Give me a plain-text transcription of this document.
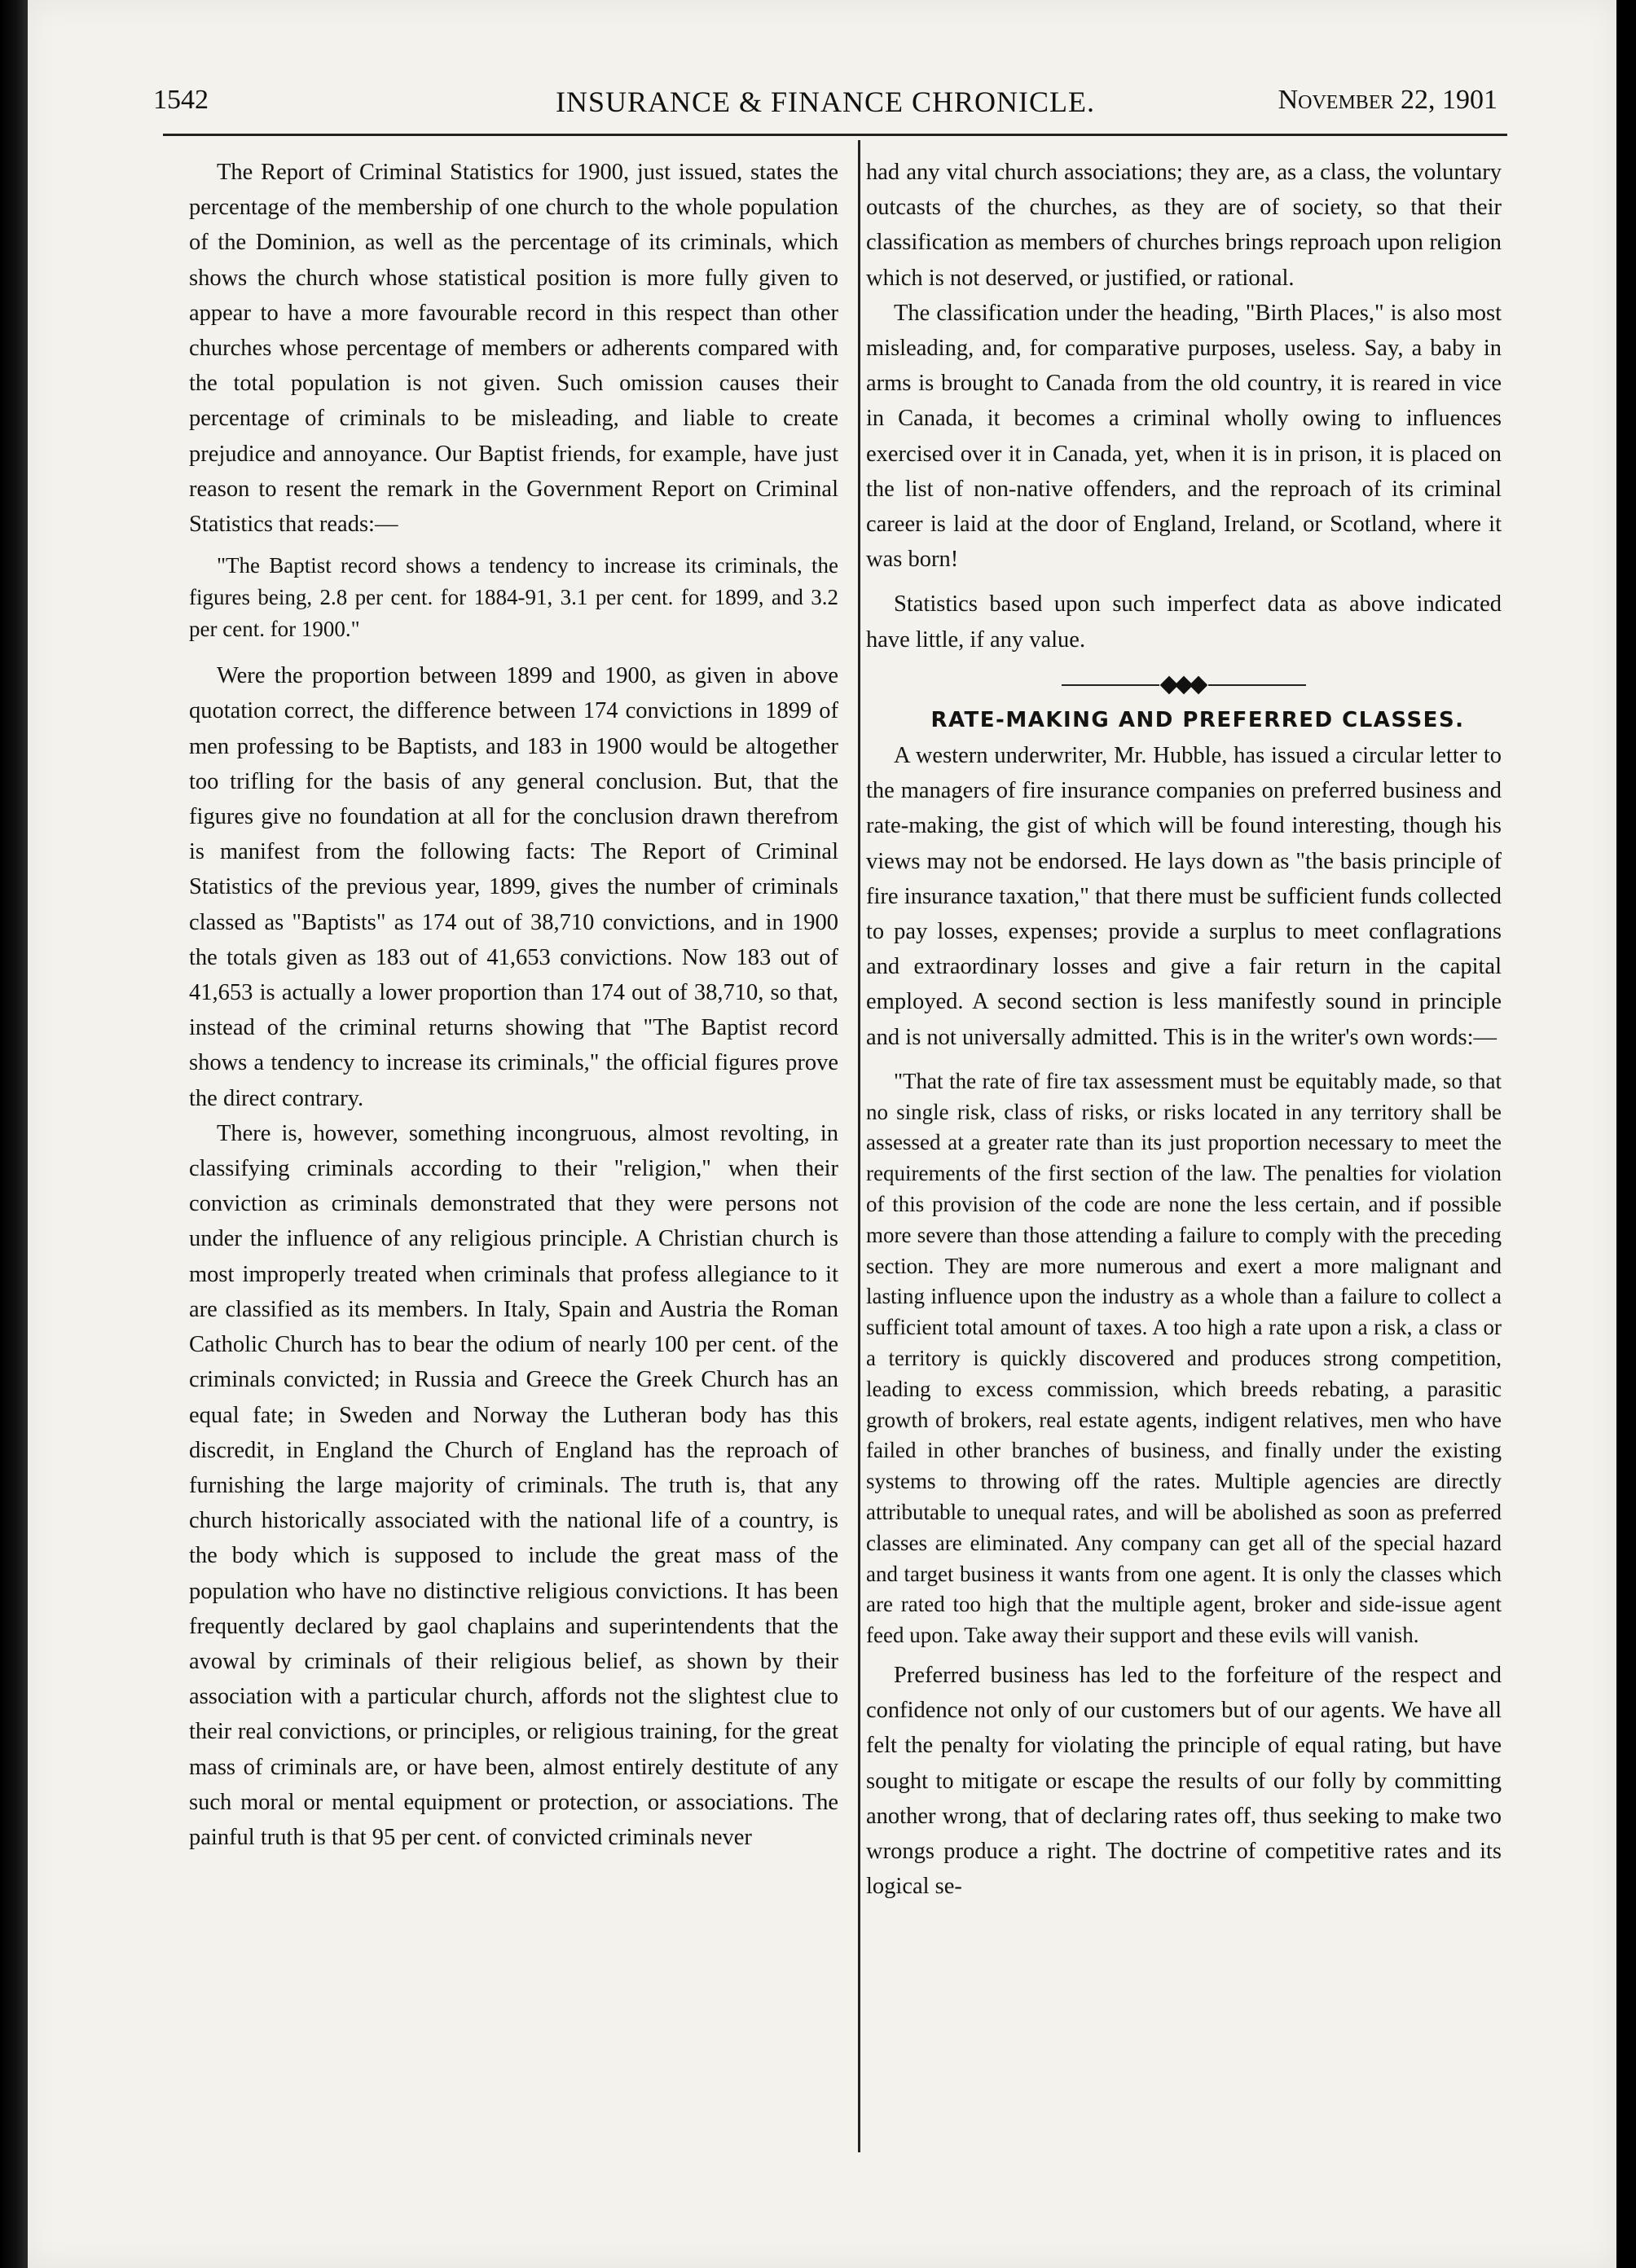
1542	INSURANCE & FINANCE CHRONICLE.	November 22, 1901

The Report of Criminal Statistics for 1900, just issued, states the percentage of the membership of one church to the whole population of the Dominion, as well as the percentage of its criminals, which shows the church whose statistical position is more fully given to appear to have a more favourable record in this respect than other churches whose percentage of members or adherents compared with the total population is not given. Such omission causes their percentage of criminals to be misleading, and liable to create prejudice and annoyance. Our Baptist friends, for example, have just reason to resent the remark in the Government Report on Criminal Statistics that reads:—

"The Baptist record shows a tendency to increase its criminals, the figures being, 2.8 per cent. for 1884-91, 3.1 per cent. for 1899, and 3.2 per cent. for 1900."

Were the proportion between 1899 and 1900, as given in above quotation correct, the difference between 174 convictions in 1899 of men professing to be Baptists, and 183 in 1900 would be altogether too trifling for the basis of any general conclusion. But, that the figures give no foundation at all for the conclusion drawn therefrom is manifest from the following facts: The Report of Criminal Statistics of the previous year, 1899, gives the number of criminals classed as "Baptists" as 174 out of 38,710 convictions, and in 1900 the totals given as 183 out of 41,653 convictions. Now 183 out of 41,653 is actually a lower proportion than 174 out of 38,710, so that, instead of the criminal returns showing that "The Baptist record shows a tendency to increase its criminals," the official figures prove the direct contrary.

There is, however, something incongruous, almost revolting, in classifying criminals according to their "religion," when their conviction as criminals demonstrated that they were persons not under the influence of any religious principle. A Christian church is most improperly treated when criminals that profess allegiance to it are classified as its members. In Italy, Spain and Austria the Roman Catholic Church has to bear the odium of nearly 100 per cent. of the criminals convicted; in Russia and Greece the Greek Church has an equal fate; in Sweden and Norway the Lutheran body has this discredit, in England the Church of England has the reproach of furnishing the large majority of criminals. The truth is, that any church historically associated with the national life of a country, is the body which is supposed to include the great mass of the population who have no distinctive religious convictions. It has been frequently declared by gaol chaplains and superintendents that the avowal by criminals of their religious belief, as shown by their association with a particular church, affords not the slightest clue to their real convictions, or principles, or religious training, for the great mass of criminals are, or have been, almost entirely destitute of any such moral or mental equipment or protection, or associations. The painful truth is that 95 per cent. of convicted criminals never

had any vital church associations; they are, as a class, the voluntary outcasts of the churches, as they are of society, so that their classification as members of churches brings reproach upon religion which is not deserved, or justified, or rational.

The classification under the heading, "Birth Places," is also most misleading, and, for comparative purposes, useless. Say, a baby in arms is brought to Canada from the old country, it is reared in vice in Canada, it becomes a criminal wholly owing to influences exercised over it in Canada, yet, when it is in prison, it is placed on the list of non-native offenders, and the reproach of its criminal career is laid at the door of England, Ireland, or Scotland, where it was born!

Statistics based upon such imperfect data as above indicated have little, if any value.

RATE-MAKING AND PREFERRED CLASSES.

A western underwriter, Mr. Hubble, has issued a circular letter to the managers of fire insurance companies on preferred business and rate-making, the gist of which will be found interesting, though his views may not be endorsed. He lays down as "the basis principle of fire insurance taxation," that there must be sufficient funds collected to pay losses, expenses; provide a surplus to meet conflagrations and extraordinary losses and give a fair return in the capital employed. A second section is less manifestly sound in principle and is not universally admitted. This is in the writer's own words:—

"That the rate of fire tax assessment must be equitably made, so that no single risk, class of risks, or risks located in any territory shall be assessed at a greater rate than its just proportion necessary to meet the requirements of the first section of the law. The penalties for violation of this provision of the code are none the less certain, and if possible more severe than those attending a failure to comply with the preceding section. They are more numerous and exert a more malignant and lasting influence upon the industry as a whole than a failure to collect a sufficient total amount of taxes. A too high a rate upon a risk, a class or a territory is quickly discovered and produces strong competition, leading to excess commission, which breeds rebating, a parasitic growth of brokers, real estate agents, indigent relatives, men who have failed in other branches of business, and finally under the existing systems to throwing off the rates. Multiple agencies are directly attributable to unequal rates, and will be abolished as soon as preferred classes are eliminated. Any company can get all of the special hazard and target business it wants from one agent. It is only the classes which are rated too high that the multiple agent, broker and side-issue agent feed upon. Take away their support and these evils will vanish.

Preferred business has led to the forfeiture of the respect and confidence not only of our customers but of our agents. We have all felt the penalty for violating the principle of equal rating, but have sought to mitigate or escape the results of our folly by committing another wrong, that of declaring rates off, thus seeking to make two wrongs produce a right. The doctrine of competitive rates and its logical se-
